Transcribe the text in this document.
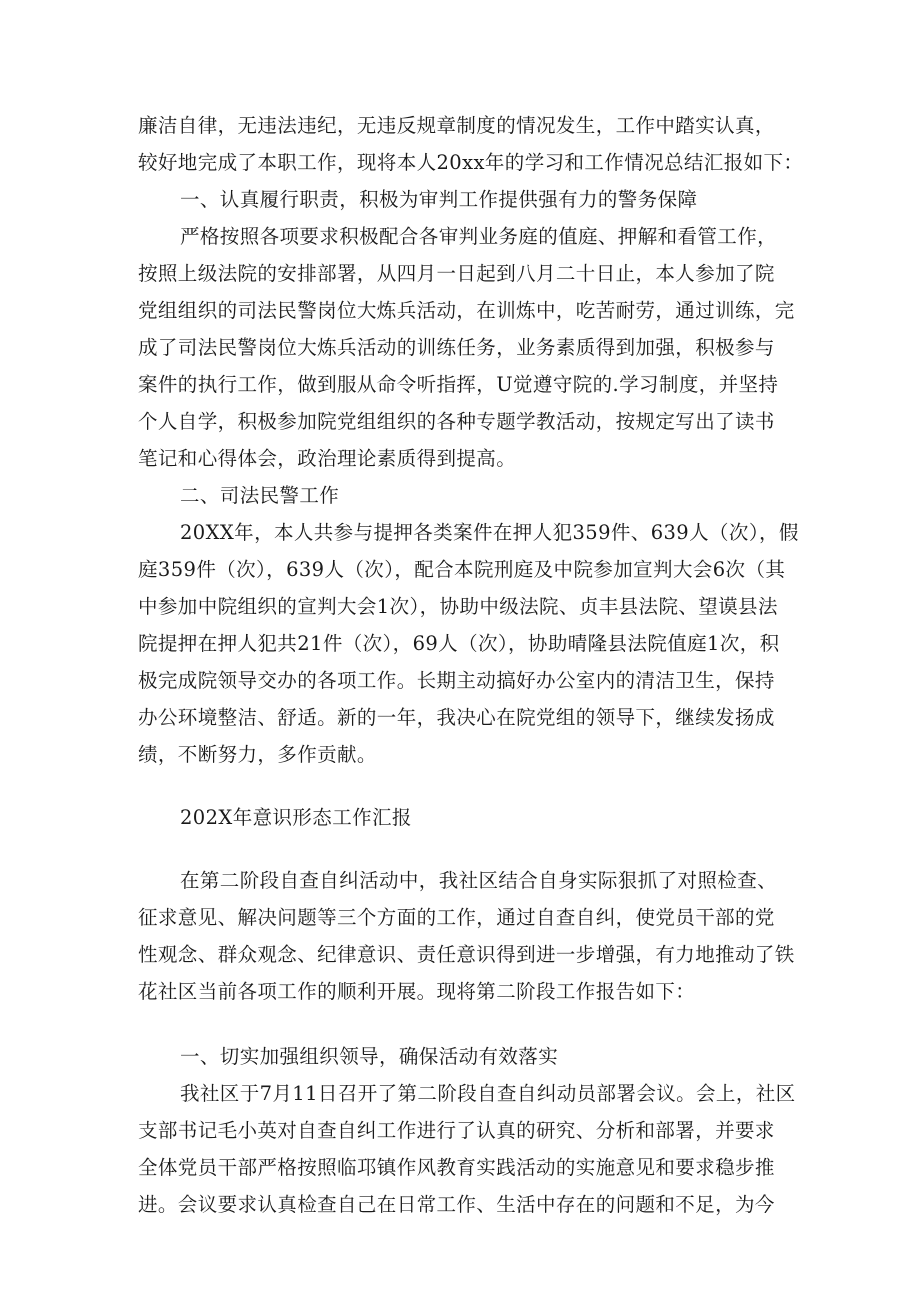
廉洁自律，无违法违纪，无违反规章制度的情况发生，工作中踏实认真，
较好地完成了本职工作，现将本人20xx年的学习和工作情况总结汇报如下：
一、认真履行职责，积极为审判工作提供强有力的警务保障
严格按照各项要求积极配合各审判业务庭的值庭、押解和看管工作，
按照上级法院的安排部署，从四月一日起到八月二十日止，本人参加了院
党组组织的司法民警岗位大炼兵活动，在训炼中，吃苦耐劳，通过训练，完
成了司法民警岗位大炼兵活动的训练任务，业务素质得到加强，积极参与
案件的执行工作，做到服从命令听指挥，U觉遵守院的.学习制度，并坚持
个人自学，积极参加院党组组织的各种专题学教活动，按规定写出了读书
笔记和心得体会，政治理论素质得到提高。
二、司法民警工作
20XX年，本人共参与提押各类案件在押人犯359件、639人（次），假
庭359件（次），639人（次），配合本院刑庭及中院参加宣判大会6次（其
中参加中院组织的宣判大会1次），协助中级法院、贞丰县法院、望谟县法
院提押在押人犯共21件（次），69人（次），协助晴隆县法院值庭1次，积
极完成院领导交办的各项工作。长期主动搞好办公室内的清洁卫生，保持
办公环境整洁、舒适。新的一年，我决心在院党组的领导下，继续发扬成
绩，不断努力，多作贡献。
202X年意识形态工作汇报
在第二阶段自查自纠活动中，我社区结合自身实际狠抓了对照检查、
征求意见、解决问题等三个方面的工作，通过自查自纠，使党员干部的党
性观念、群众观念、纪律意识、责任意识得到进一步增强，有力地推动了铁
花社区当前各项工作的顺利开展。现将第二阶段工作报告如下：
一、切实加强组织领导，确保活动有效落实
我社区于7月11日召开了第二阶段自查自纠动员部署会议。会上，社区
支部书记毛小英对自查自纠工作进行了认真的研究、分析和部署，并要求
全体党员干部严格按照临邛镇作风教育实践活动的实施意见和要求稳步推
进。会议要求认真检查自己在日常工作、生活中存在的问题和不足，为今
